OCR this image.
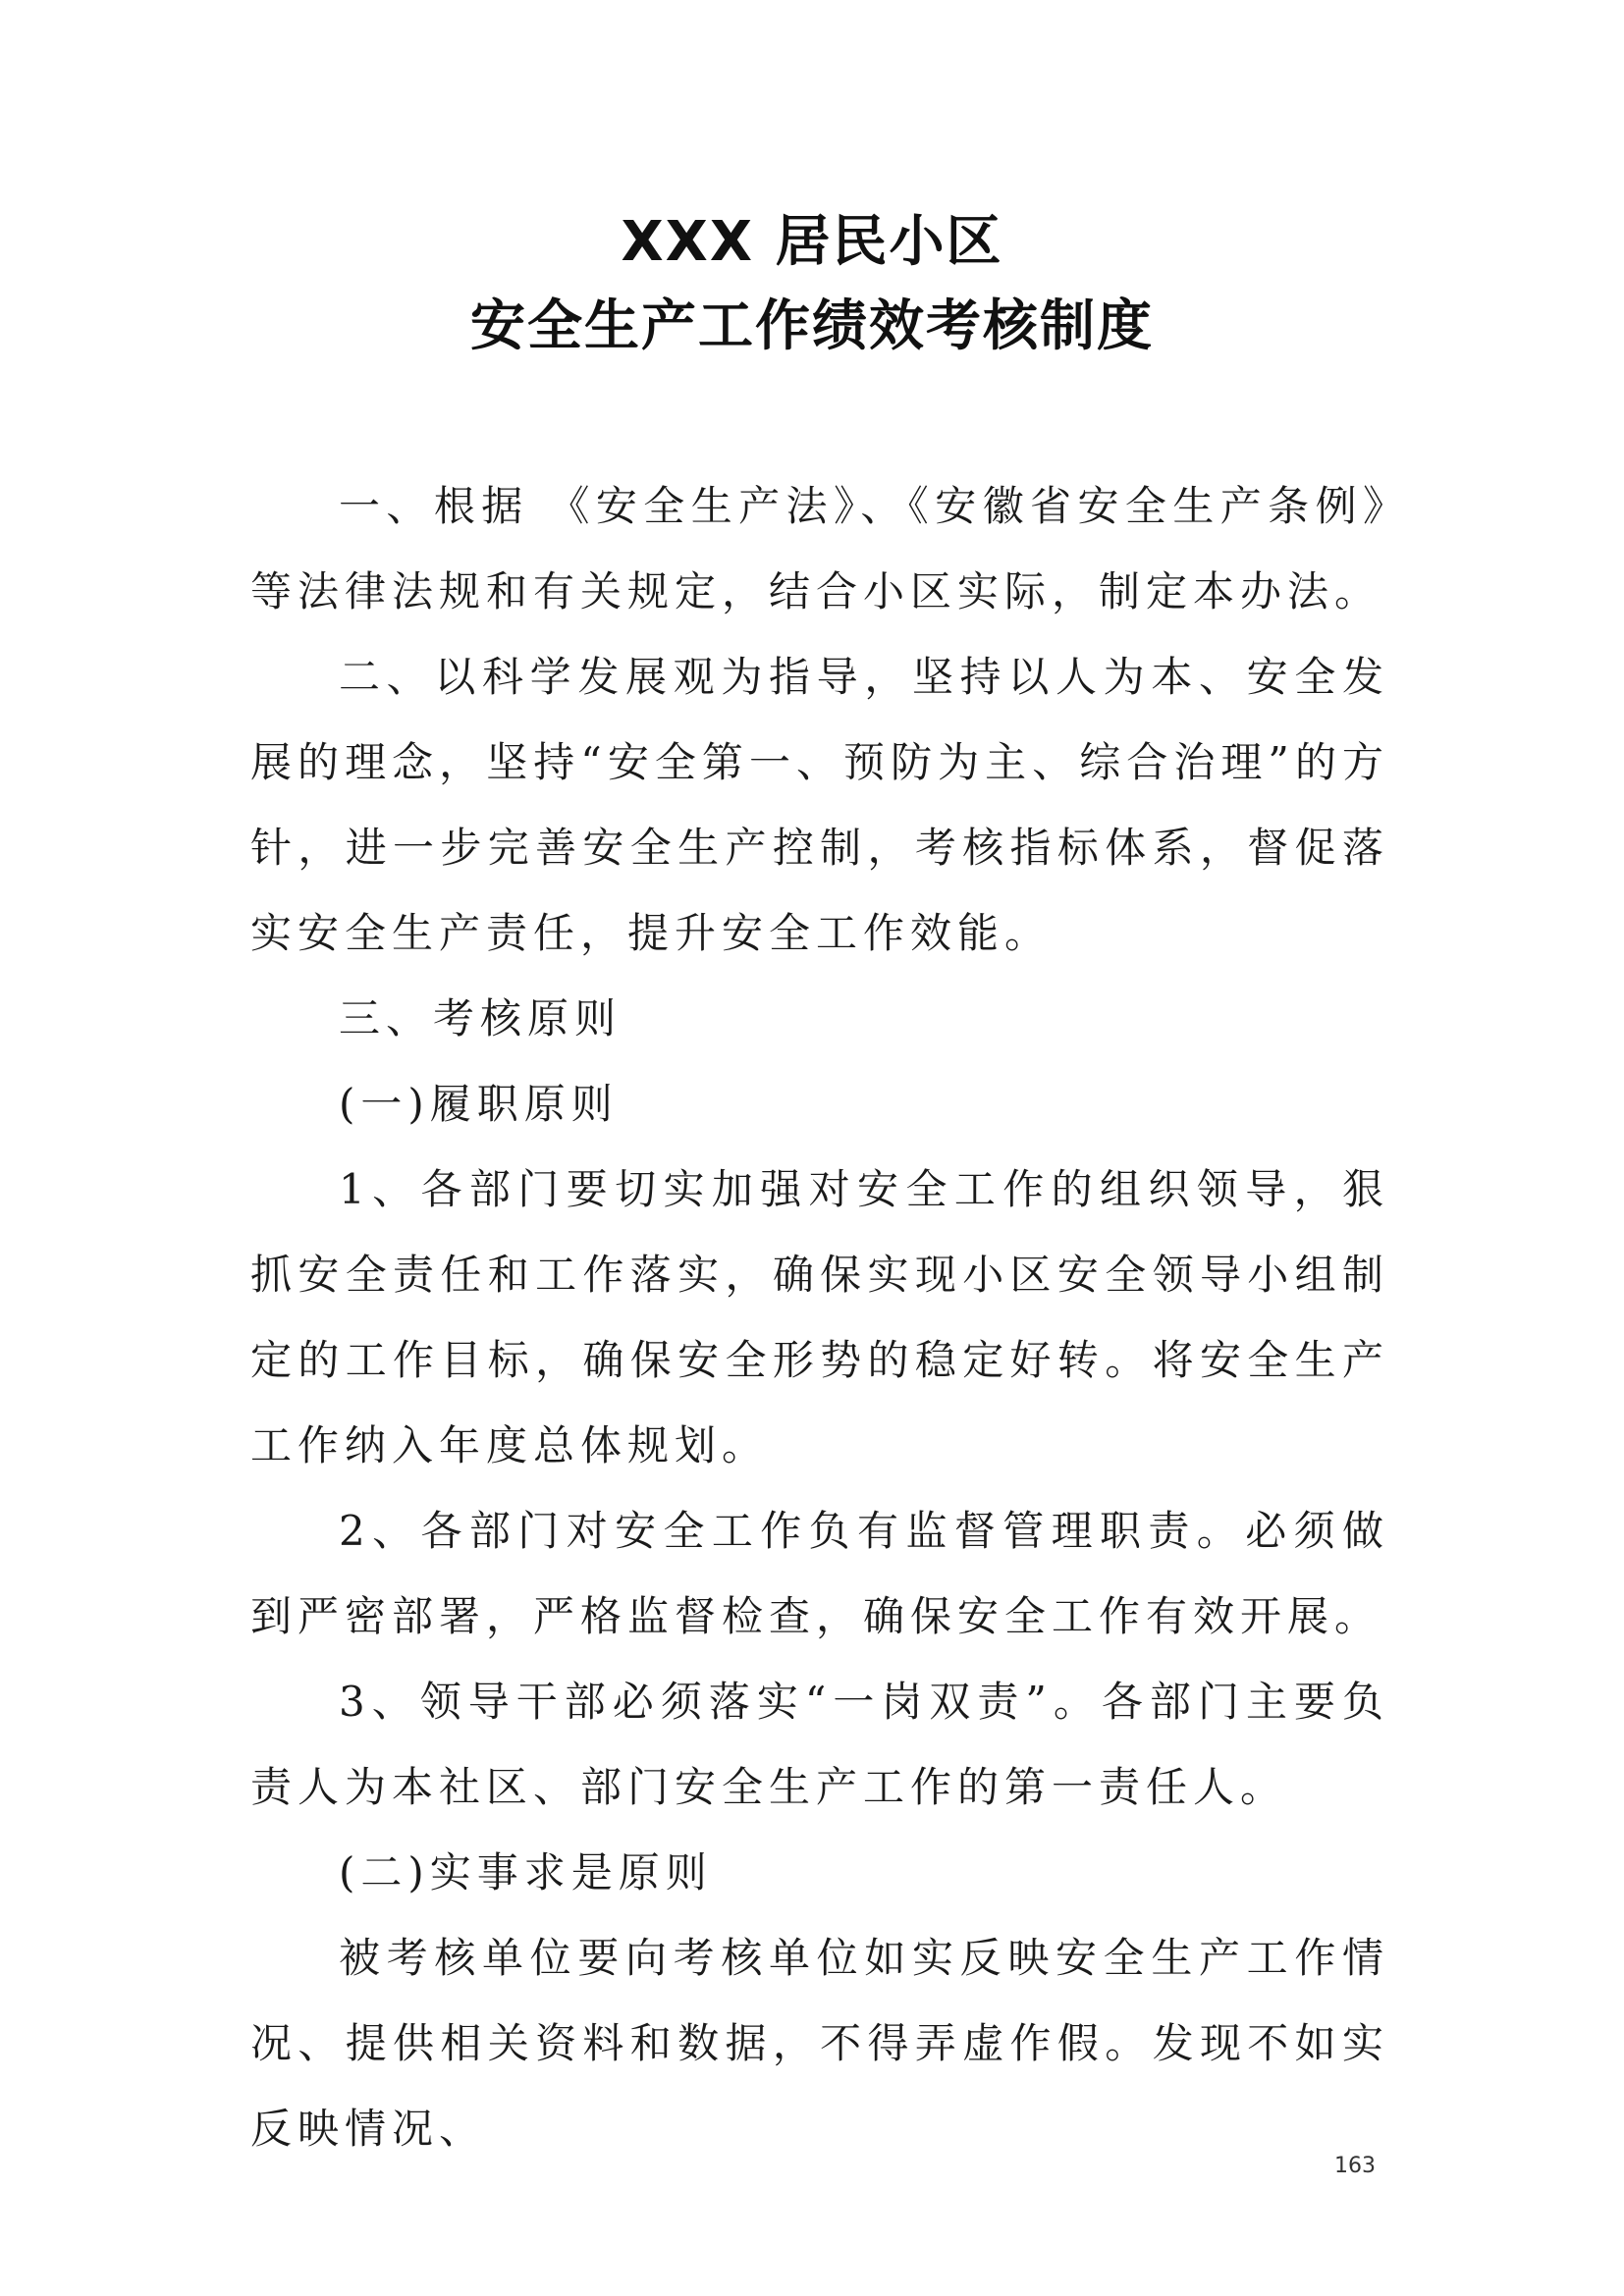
XXX 居民小区
安全生产工作绩效考核制度

一、根据 《安全生产法》、《安徽省安全生产条例》等法律法规和有关规定，结合小区实际，制定本办法。

二、以科学发展观为指导，坚持以人为本、安全发展的理念，坚持“安全第一、预防为主、综合治理”的方针，进一步完善安全生产控制，考核指标体系，督促落实安全生产责任，提升安全工作效能。

三、考核原则

(一)履职原则

1、各部门要切实加强对安全工作的组织领导，狠抓安全责任和工作落实，确保实现小区安全领导小组制定的工作目标，确保安全形势的稳定好转。将安全生产工作纳入年度总体规划。

2、各部门对安全工作负有监督管理职责。必须做到严密部署，严格监督检查，确保安全工作有效开展。

3、领导干部必须落实“一岗双责”。各部门主要负责人为本社区、部门安全生产工作的第一责任人。

(二)实事求是原则

被考核单位要向考核单位如实反映安全生产工作情况、提供相关资料和数据，不得弄虚作假。发现不如实反映情况、

163
